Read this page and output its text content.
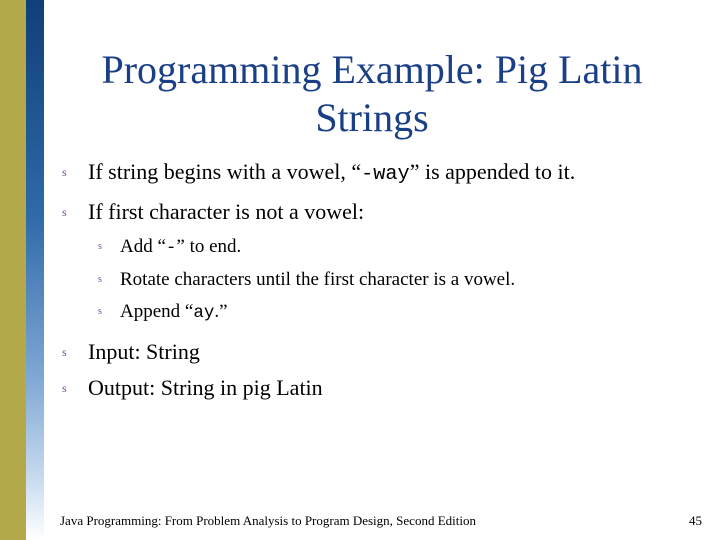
Programming Example: Pig Latin Strings
s If string begins with a vowel, “-way” is appended to it.
s If first character is not a vowel:
s Add “-” to end.
s Rotate characters until the first character is a vowel.
s Append “ay.”
s Input: String
s Output: String in pig Latin
Java Programming: From Problem Analysis to Program Design, Second Edition	45
